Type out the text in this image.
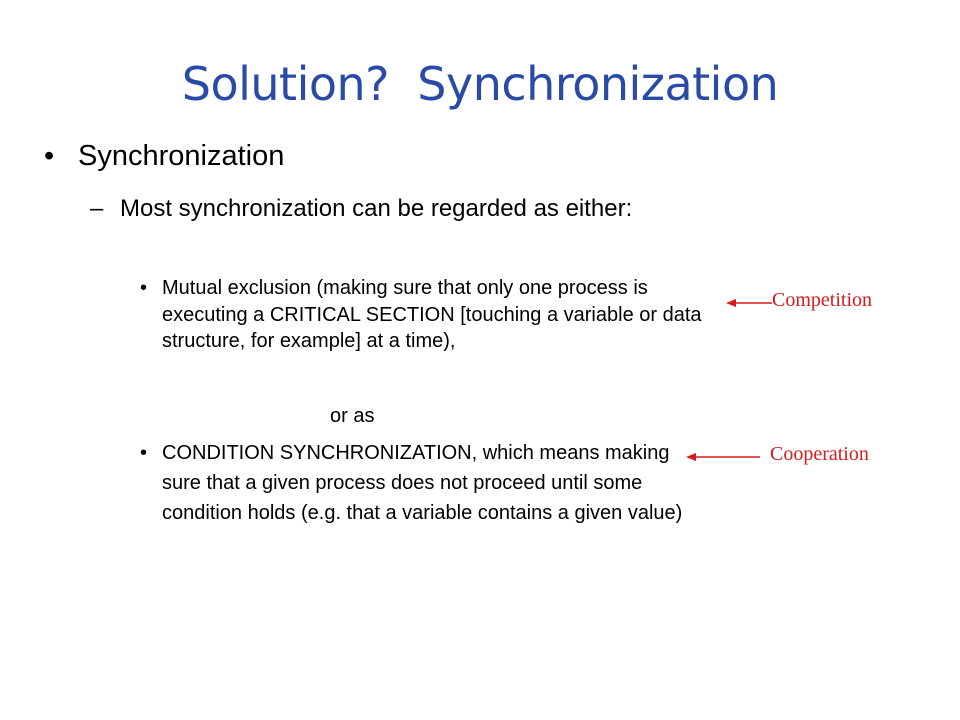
Solution?  Synchronization
• Synchronization
– Most synchronization can be regarded as either:
• Mutual exclusion (making sure that only one process is executing a CRITICAL SECTION [touching a variable or data structure, for example] at a time),
or as
• CONDITION SYNCHRONIZATION, which means making sure that a given process does not proceed until some condition holds (e.g. that a variable contains a given value)
Competition
Cooperation
